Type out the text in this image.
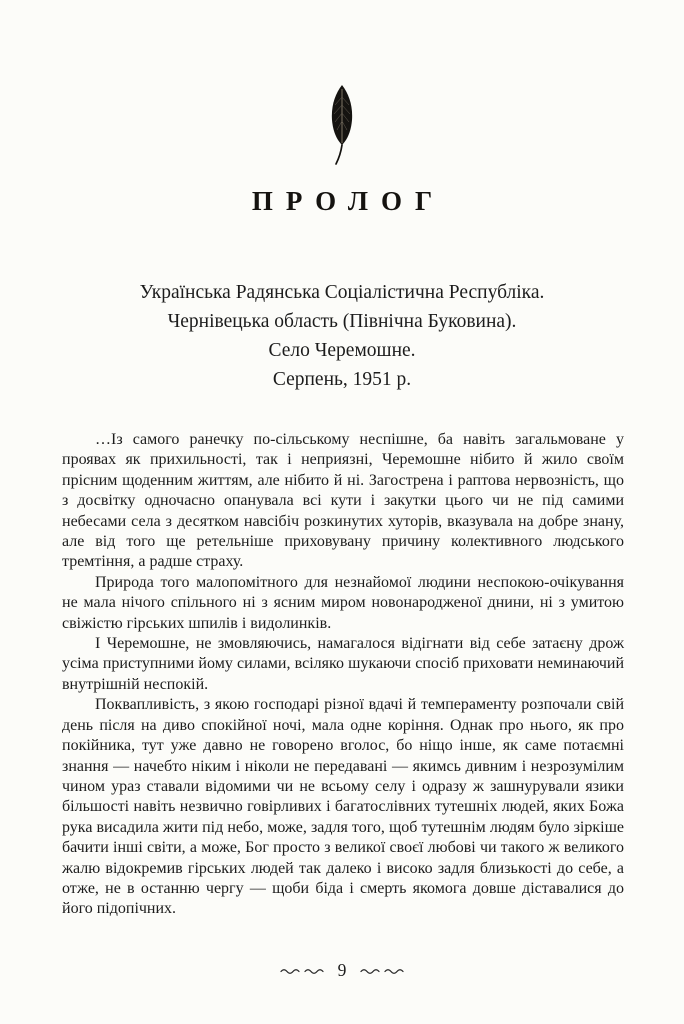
ПРОЛОГ
Українська Радянська Соціалістична Республіка.
Чернівецька область (Північна Буковина).
Село Черемошне.
Серпень, 1951 р.

…Із самого ранечку по-сільському неспішне, ба навіть загальмоване у проявах як прихильності, так і неприязні, Черемошне нібито й жило своїм прісним щоденним життям, але нібито й ні. Загострена і раптова нервозність, що з досвітку одночасно опанувала всі кути і закутки цього чи не під самими небесами села з десятком навсібіч розкинутих хуторів, вказувала на добре знану, але від того ще ретельніше приховувану причину колективного людського тремтіння, а радше страху.

Природа того малопомітного для незнайомої людини неспокою-очікування не мала нічого спільного ні з ясним миром новонародженої днини, ні з умитою свіжістю гірських шпилів і видолинків.

І Черемошне, не змовляючись, намагалося відігнати від себе затаєну дрож усіма приступними йому силами, всіляко шукаючи спосіб приховати неминаючий внутрішній неспокій.

Поквапливість, з якою господарі різної вдачі й темпераменту розпочали свій день після на диво спокійної ночі, мала одне коріння. Однак про нього, як про покійника, тут уже давно не говорено вголос, бо ніщо інше, як саме потаємні знання — начебто ніким і ніколи не передавані — якимсь дивним і незрозумілим чином ураз ставали відомими чи не всьому селу і одразу ж зашнурували язики більшості навіть незвично говірливих і багатослівних тутешніх людей, яких Божа рука висадила жити під небо, може, задля того, щоб тутешнім людям було зіркіше бачити інші світи, а може, Бог просто з великої своєї любові чи такого ж великого жалю відокремив гірських людей так далеко і високо задля близькості до себе, а отже, не в останню чергу — щоби біда і смерть якомога довше діставалися до його підопічних.

9
